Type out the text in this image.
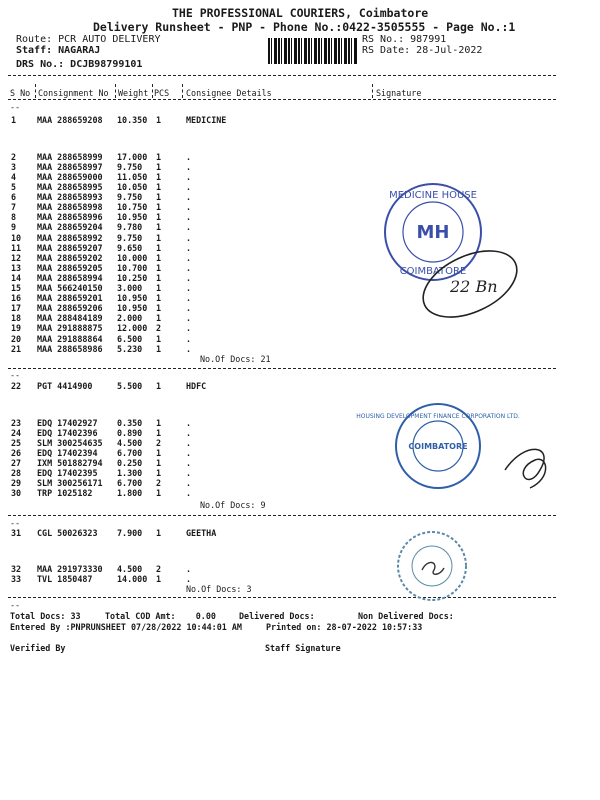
THE PROFESSIONAL COURIERS, Coimbatore
Delivery Runsheet - PNP - Phone No.:0422-3505555 - Page No.:1
Route: PCR AUTO DELIVERY
Staff: NAGARAJ
DRS No.: DCJB98799101
RS No.: 987991
RS Date: 28-Jul-2022
S No Consignment No Weight PCS Consignee Details	Signature
--
1 MAA 288659208 10.350 1	MEDICINE
2 MAA 288658999 17.000 1	.
3 MAA 288658997 9.750 1	.
4 MAA 288659000 11.050 1	.
5 MAA 288658995 10.050 1	.
6 MAA 288658993 9.750 1	.
7 MAA 288658998 10.750 1	.
8 MAA 288658996 10.950 1	.
9 MAA 288659204 9.780 1	.
10 MAA 288658992 9.750 1	.
11 MAA 288659207 9.650 1	.
12 MAA 288659202 10.000 1	.
13 MAA 288659205 10.700 1	.
14 MAA 288658994 10.250 1	.
15 MAA 566240150 3.000 1	.
16 MAA 288659201 10.950 1	.
17 MAA 288659206 10.950 1	.
18 MAA 288484189 2.000 1	.
19 MAA 291888875 12.000 2	.
20 MAA 291888864 6.500 1	.
21 MAA 288658986 5.230 1	.
No.Of Docs: 21
--
22 PGT 4414900	5.500 1	HDFC
23 EDQ 17402927 0.350 1	.
24 EDQ 17402396 0.890 1	.
25 SLM 300254635 4.500 2	.
26 EDQ 17402394 6.700 1	.
27 IXM 501882794 0.250 1	.
28 EDQ 17402395 1.300 1	.
29 SLM 300256171 6.700 2	.
30 TRP 1025182	1.800 1	.
No.Of Docs: 9
--
31 CGL 50026323 7.900 1	GEETHA
32 MAA 291973330 4.500 2	.
33 TVL 1850487	14.000 1	.
No.Of Docs: 3
--
Total Docs: 33	Total COD Amt:    0.00	Delivered Docs:	Non Delivered Docs:
Entered By :PNPRUNSHEET 07/28/2022 10:44:01 AM	Printed on: 28-07-2022 10:57:33
Verified By	Staff Signature
MEDICINE HOUSE
COIMBATORE
MH
22 Bn
HOUSING DEVELOPMENT FINANCE CORPORATION LTD.
COIMBATORE
